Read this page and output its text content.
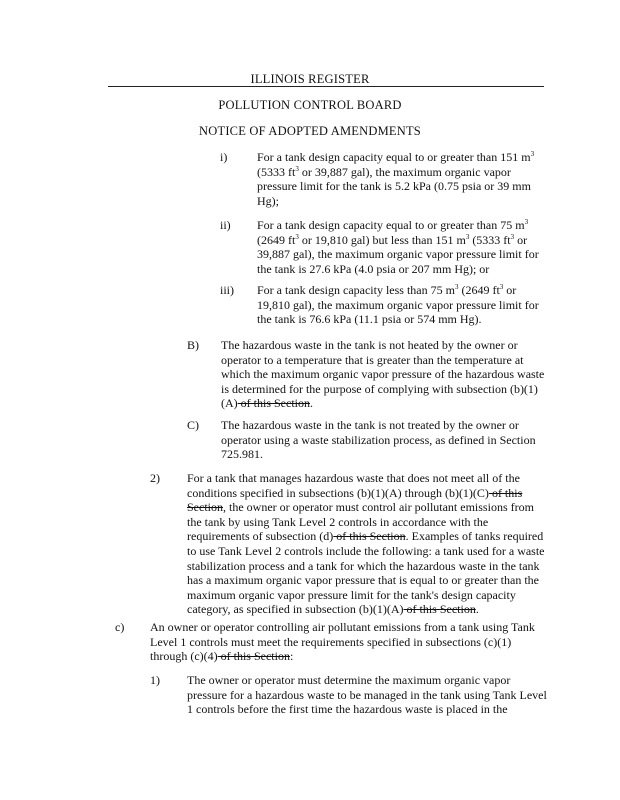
ILLINOIS REGISTER
POLLUTION CONTROL BOARD
NOTICE OF ADOPTED AMENDMENTS
i) For a tank design capacity equal to or greater than 151 $m^3$ (5333 $ft^3$ or 39,887 gal), the maximum organic vapor pressure limit for the tank is 5.2 kPa (0.75 psia or 39 mm Hg);
ii) For a tank design capacity equal to or greater than 75 $m^3$ (2649 $ft^3$ or 19,810 gal) but less than 151 $m^3$ (5333 $ft^3$ or 39,887 gal), the maximum organic vapor pressure limit for the tank is 27.6 kPa (4.0 psia or 207 mm Hg); or
iii) For a tank design capacity less than 75 $m^3$ (2649 $ft^3$ or 19,810 gal), the maximum organic vapor pressure limit for the tank is 76.6 kPa (11.1 psia or 574 mm Hg).
B) The hazardous waste in the tank is not heated by the owner or operator to a temperature that is greater than the temperature at which the maximum organic vapor pressure of the hazardous waste is determined for the purpose of complying with subsection (b)(1)(A) of this Section.
C) The hazardous waste in the tank is not treated by the owner or operator using a waste stabilization process, as defined in Section 725.981.
2) For a tank that manages hazardous waste that does not meet all of the conditions specified in subsections (b)(1)(A) through (b)(1)(C) of this Section, the owner or operator must control air pollutant emissions from the tank by using Tank Level 2 controls in accordance with the requirements of subsection (d) of this Section. Examples of tanks required to use Tank Level 2 controls include the following: a tank used for a waste stabilization process and a tank for which the hazardous waste in the tank has a maximum organic vapor pressure that is equal to or greater than the maximum organic vapor pressure limit for the tank's design capacity category, as specified in subsection (b)(1)(A) of this Section.
c) An owner or operator controlling air pollutant emissions from a tank using Tank Level 1 controls must meet the requirements specified in subsections (c)(1) through (c)(4) of this Section:
1) The owner or operator must determine the maximum organic vapor pressure for a hazardous waste to be managed in the tank using Tank Level 1 controls before the first time the hazardous waste is placed in the
